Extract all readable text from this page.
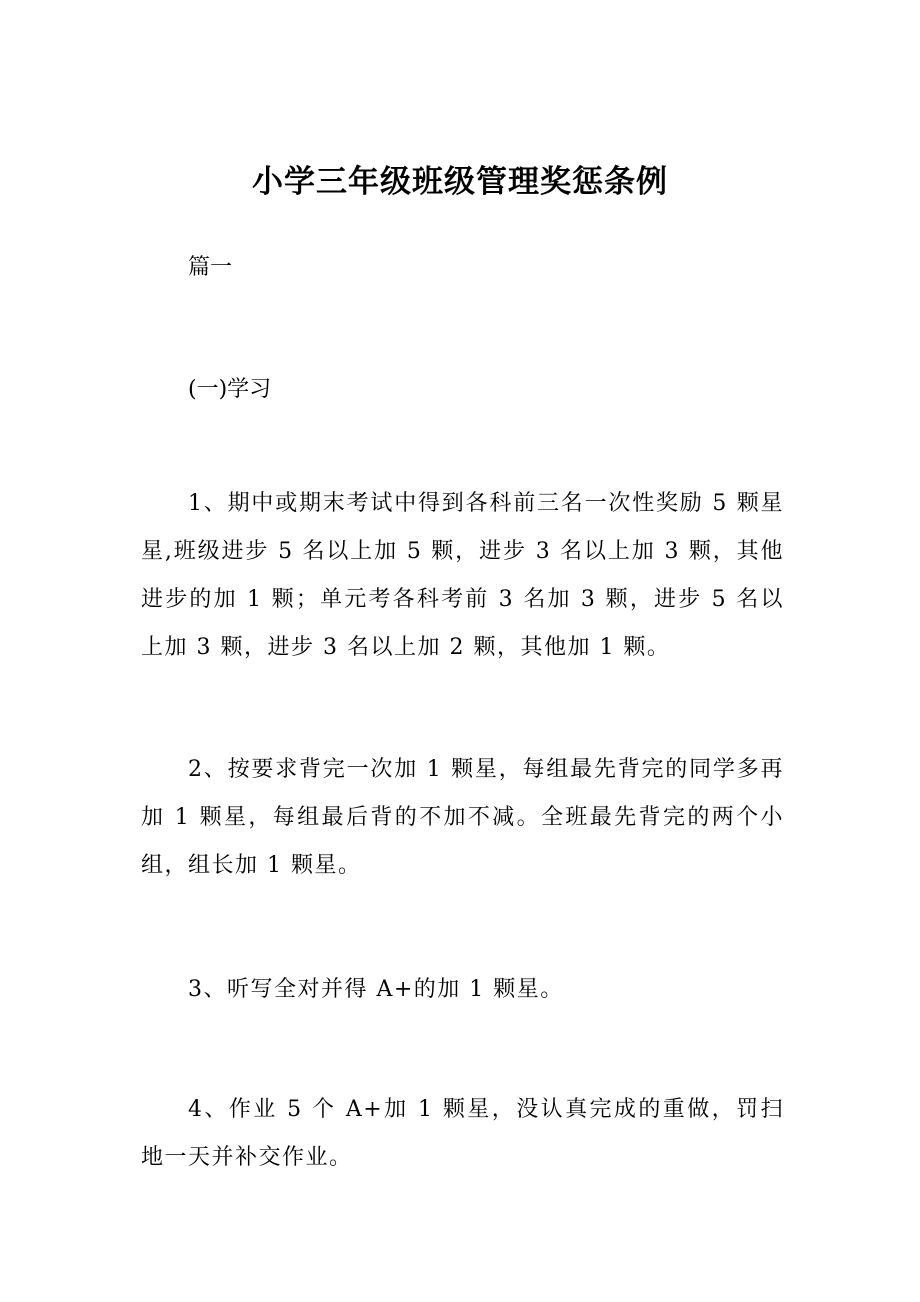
小学三年级班级管理奖惩条例
篇一
(一)学习

1、期中或期末考试中得到各科前三名一次性奖励 5 颗星星,班级进步 5 名以上加 5 颗，进步 3 名以上加 3 颗，其他进步的加 1 颗；单元考各科考前 3 名加 3 颗，进步 5 名以上加 3 颗，进步 3 名以上加 2 颗，其他加 1 颗。

2、按要求背完一次加 1 颗星，每组最先背完的同学多再加 1 颗星，每组最后背的不加不减。全班最先背完的两个小组，组长加 1 颗星。

3、听写全对并得 A+的加 1 颗星。

4、作业 5 个 A+加 1 颗星，没认真完成的重做，罚扫地一天并补交作业。
